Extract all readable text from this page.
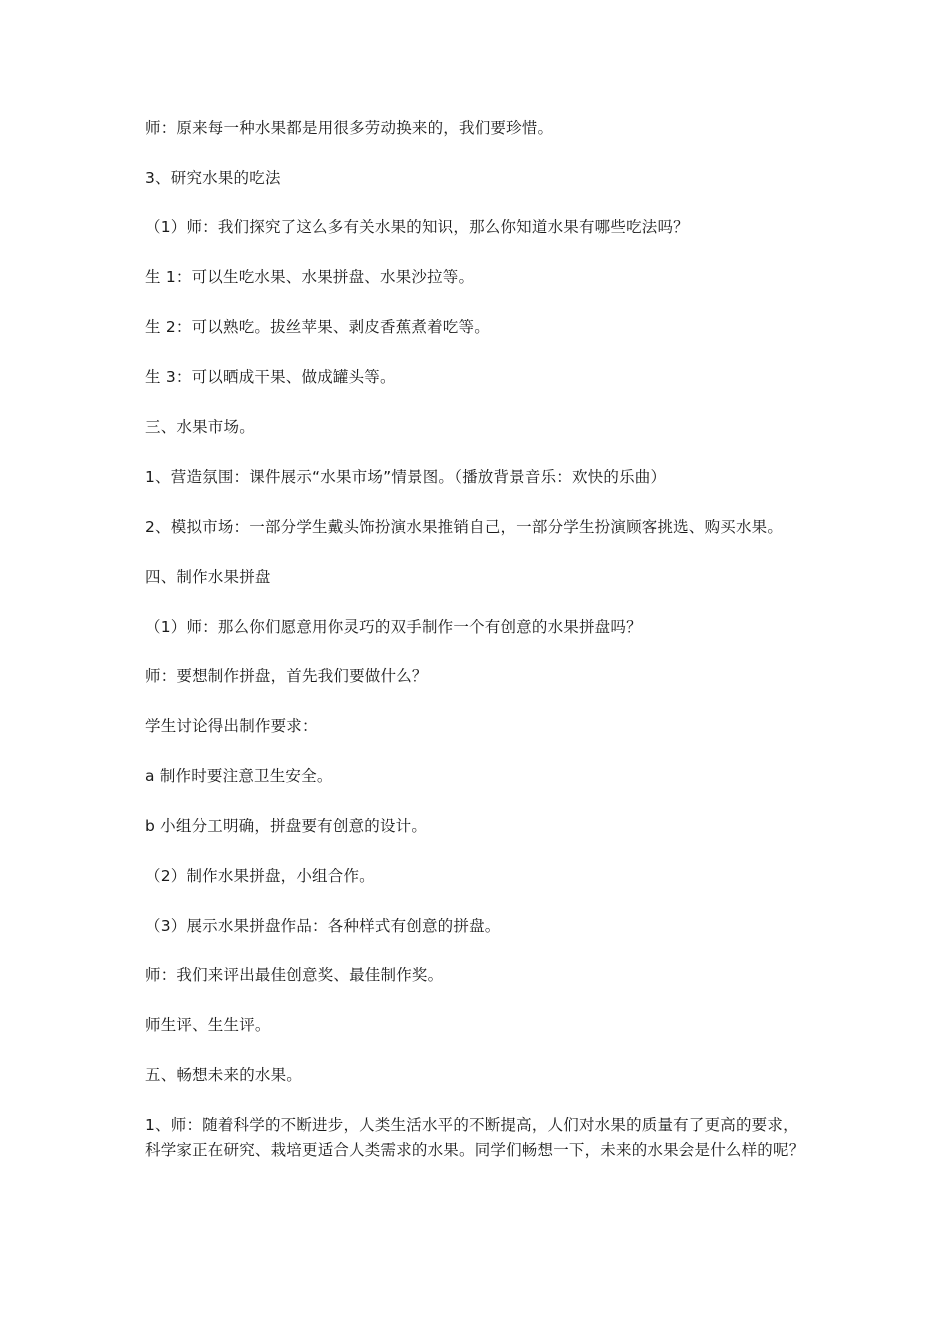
师：原来每一种水果都是用很多劳动换来的，我们要珍惜。

3、研究水果的吃法

（1）师：我们探究了这么多有关水果的知识，那么你知道水果有哪些吃法吗？

生 1：可以生吃水果、水果拼盘、水果沙拉等。

生 2：可以熟吃。拔丝苹果、剥皮香蕉煮着吃等。

生 3：可以晒成干果、做成罐头等。

三、水果市场。

1、营造氛围：课件展示“水果市场”情景图。（播放背景音乐：欢快的乐曲）

2、模拟市场：一部分学生戴头饰扮演水果推销自己，一部分学生扮演顾客挑选、购买水果。

四、制作水果拼盘

（1）师：那么你们愿意用你灵巧的双手制作一个有创意的水果拼盘吗？

师：要想制作拼盘，首先我们要做什么？

学生讨论得出制作要求：

a 制作时要注意卫生安全。

b 小组分工明确，拼盘要有创意的设计。

（2）制作水果拼盘，小组合作。

（3）展示水果拼盘作品：各种样式有创意的拼盘。

师：我们来评出最佳创意奖、最佳制作奖。

师生评、生生评。

五、畅想未来的水果。

1、师：随着科学的不断进步，人类生活水平的不断提高，人们对水果的质量有了更高的要求，科学家正在研究、栽培更适合人类需求的水果。同学们畅想一下，未来的水果会是什么样的呢？
